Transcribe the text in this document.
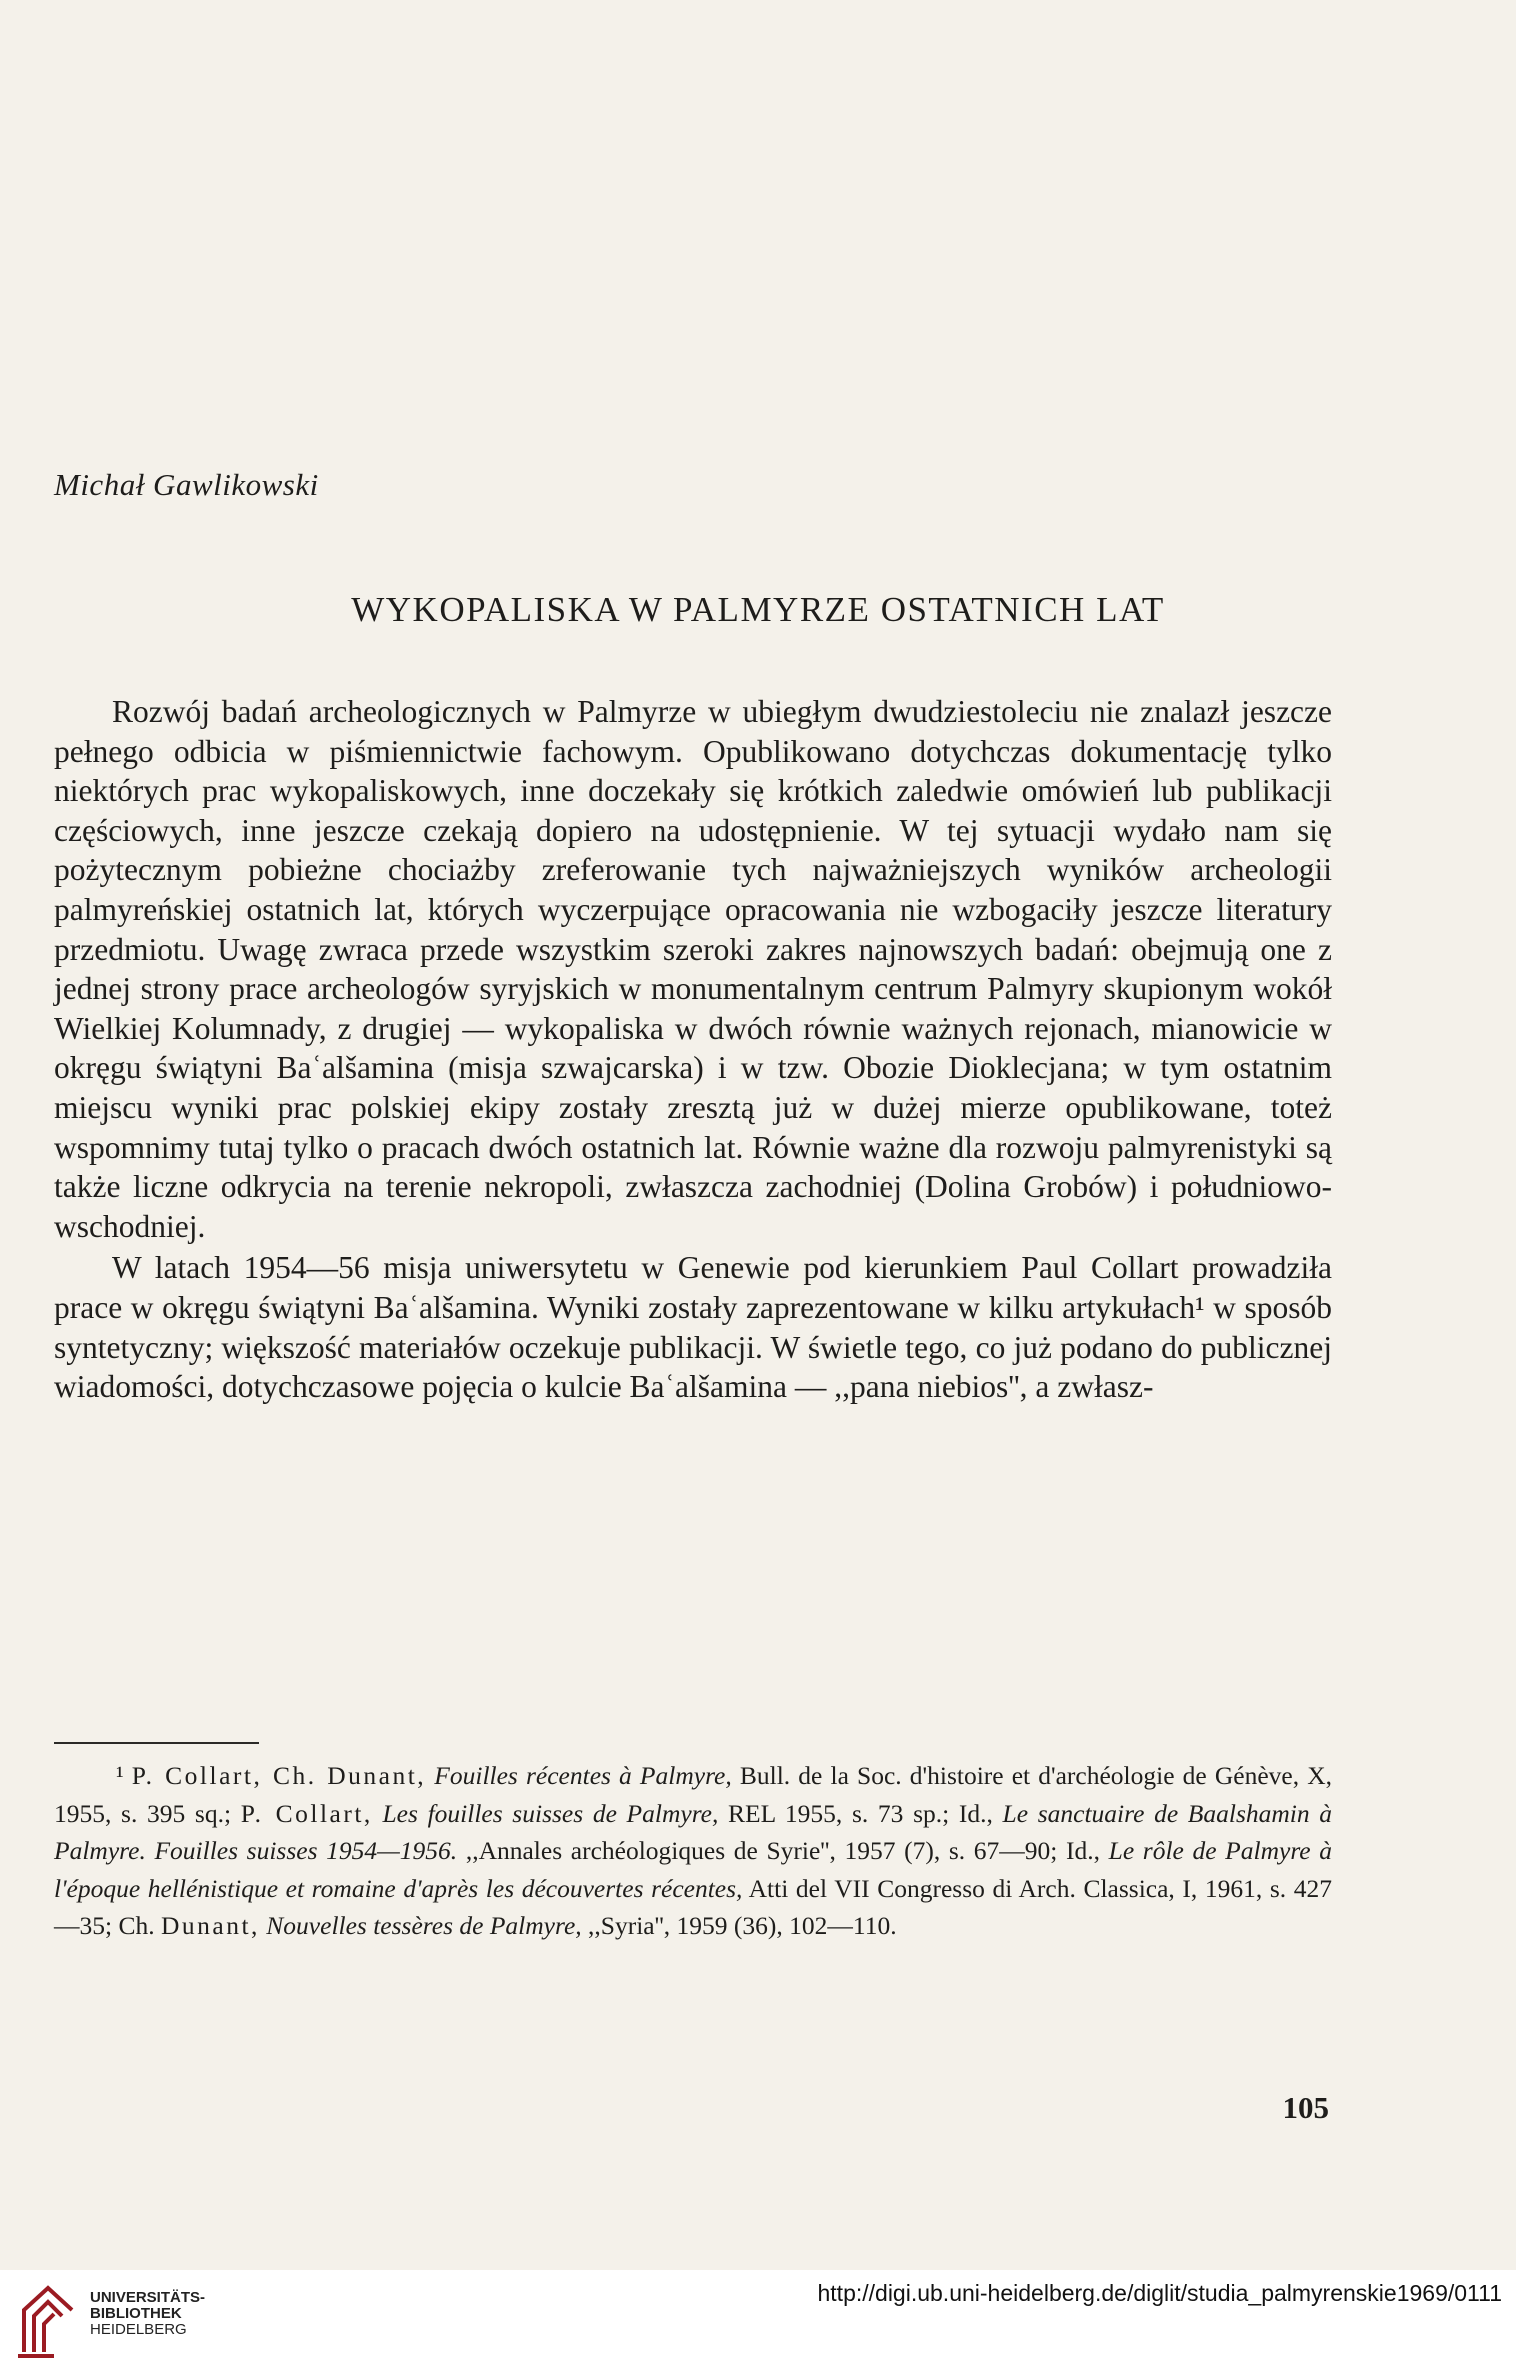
Michał Gawlikowski
WYKOPALISKA W PALMYRZE OSTATNICH LAT

Rozwój badań archeologicznych w Palmyrze w ubiegłym dwudziestoleciu nie znalazł jeszcze pełnego odbicia w piśmiennictwie fachowym. Opublikowano dotychczas dokumentację tylko niektórych prac wykopaliskowych, inne doczekały się krótkich zaledwie omówień lub publikacji częściowych, inne jeszcze czekają dopiero na udostępnienie. W tej sytuacji wydało nam się pożytecznym pobieżne chociażby zreferowanie tych najważniejszych wyników archeologii palmyreńskiej ostatnich lat, których wyczerpujące opracowania nie wzbogaciły jeszcze literatury przedmiotu. Uwagę zwraca przede wszystkim szeroki zakres najnowszych badań: obejmują one z jednej strony prace archeologów syryjskich w monumentalnym centrum Palmyry skupionym wokół Wielkiej Kolumnady, z drugiej — wykopaliska w dwóch równie ważnych rejonach, mianowicie w okręgu świątyni Baʿalšamina (misja szwajcarska) i w tzw. Obozie Dioklecjana; w tym ostatnim miejscu wyniki prac polskiej ekipy zostały zresztą już w dużej mierze opublikowane, toteż wspomnimy tutaj tylko o pracach dwóch ostatnich lat. Równie ważne dla rozwoju palmyrenistyki są także liczne odkrycia na terenie nekropoli, zwłaszcza zachodniej (Dolina Grobów) i południowo-wschodniej.

W latach 1954—56 misja uniwersytetu w Genewie pod kierunkiem Paul Collart prowadziła prace w okręgu świątyni Baʿalšamina. Wyniki zostały zaprezentowane w kilku artykułach¹ w sposób syntetyczny; większość materiałów oczekuje publikacji. W świetle tego, co już podano do publicznej wiadomości, dotychczasowe pojęcia o kulcie Baʿalšamina — ,,pana niebios'', a zwłasz-

¹ P. Collart, Ch. Dunant, Fouilles récentes à Palmyre, Bull. de la Soc. d'histoire et d'archéologie de Génève, X, 1955, s. 395 sq.; P. Collart, Les fouilles suisses de Palmyre, REL 1955, s. 73 sp.; Id., Le sanctuaire de Baalshamin à Palmyre. Fouilles suisses 1954—1956. ,,Annales archéologiques de Syrie'', 1957 (7), s. 67—90; Id., Le rôle de Palmyre à l'époque hellénistique et romaine d'après les découvertes récentes, Atti del VII Congresso di Arch. Classica, I, 1961, s. 427—35; Ch. Dunant, Nouvelles tessères de Palmyre, ,,Syria'', 1959 (36), 102—110.
105
UNIVERSITÄTS-
BIBLIOTHEK
HEIDELBERG
http://digi.ub.uni-heidelberg.de/diglit/studia_palmyrenskie1969/0111
